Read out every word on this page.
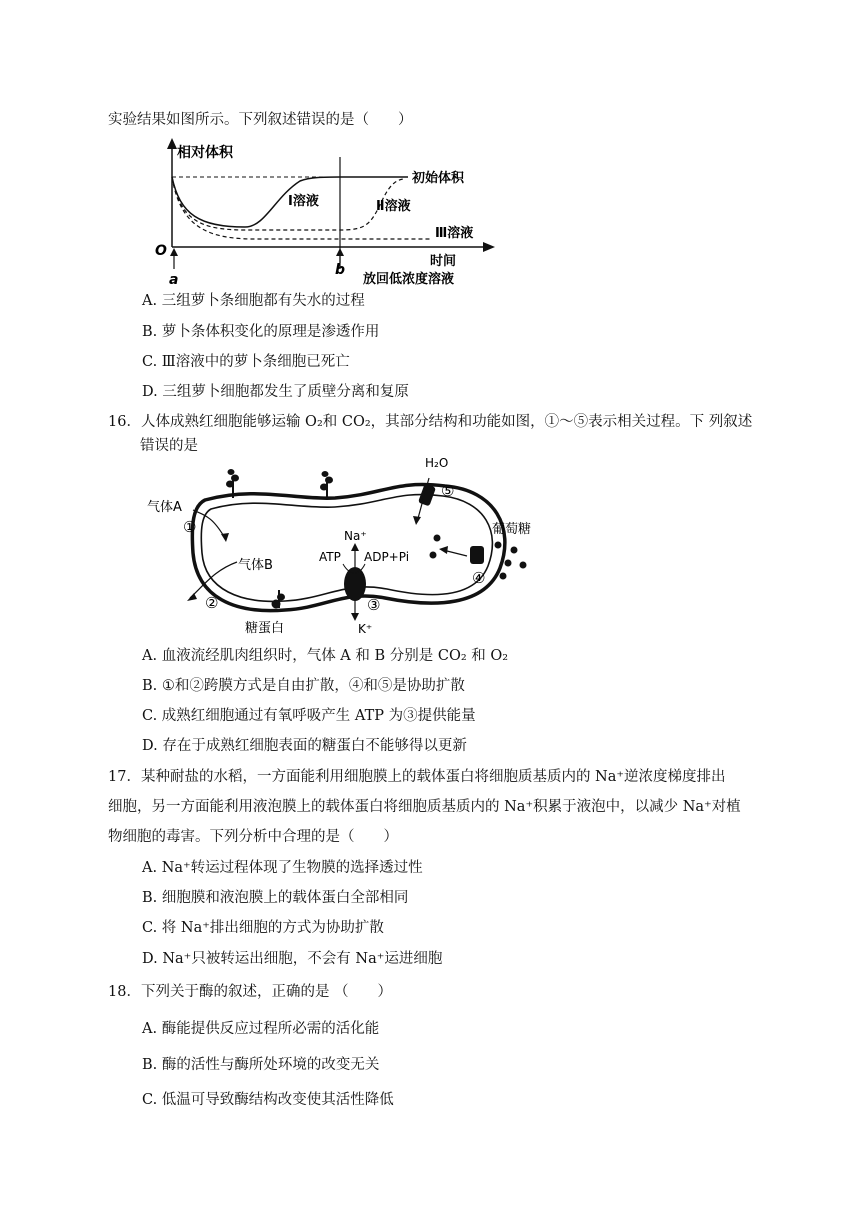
实验结果如图所示。下列叙述错误的是（　　）
相对体积
O
初始体积
Ⅰ溶液	Ⅱ溶液
Ⅲ溶液
a
b
时间
放回低浓度溶液
A. 三组萝卜条细胞都有失水的过程
B. 萝卜条体积变化的原理是渗透作用
C. Ⅲ溶液中的萝卜条细胞已死亡
D. 三组萝卜细胞都发生了质壁分离和复原
16．人体成熟红细胞能够运输 O₂和 CO₂，其部分结构和功能如图，①～⑤表示相关过程。下 列叙述
错误的是
H₂O
⑤
葡萄糖
④
气体A
①
气体B
②
糖蛋白
Na⁺
ATP ADP+Pi
K⁺
③
A. 血液流经肌肉组织时，气体 A 和 B 分别是 CO₂ 和 O₂
B. ①和②跨膜方式是自由扩散，④和⑤是协助扩散
C. 成熟红细胞通过有氧呼吸产生 ATP 为③提供能量
D. 存在于成熟红细胞表面的糖蛋白不能够得以更新
17．某种耐盐的水稻，一方面能利用细胞膜上的载体蛋白将细胞质基质内的 Na⁺逆浓度梯度排出
细胞，另一方面能利用液泡膜上的载体蛋白将细胞质基质内的 Na⁺积累于液泡中，以减少 Na⁺对植
物细胞的毒害。下列分析中合理的是（　　）
A. Na⁺转运过程体现了生物膜的选择透过性
B. 细胞膜和液泡膜上的载体蛋白全部相同
C. 将 Na⁺排出细胞的方式为协助扩散
D. Na⁺只被转运出细胞，不会有 Na⁺运进细胞
18．下列关于酶的叙述，正确的是 （　　）
A. 酶能提供反应过程所必需的活化能
B. 酶的活性与酶所处环境的改变无关
C. 低温可导致酶结构改变使其活性降低
